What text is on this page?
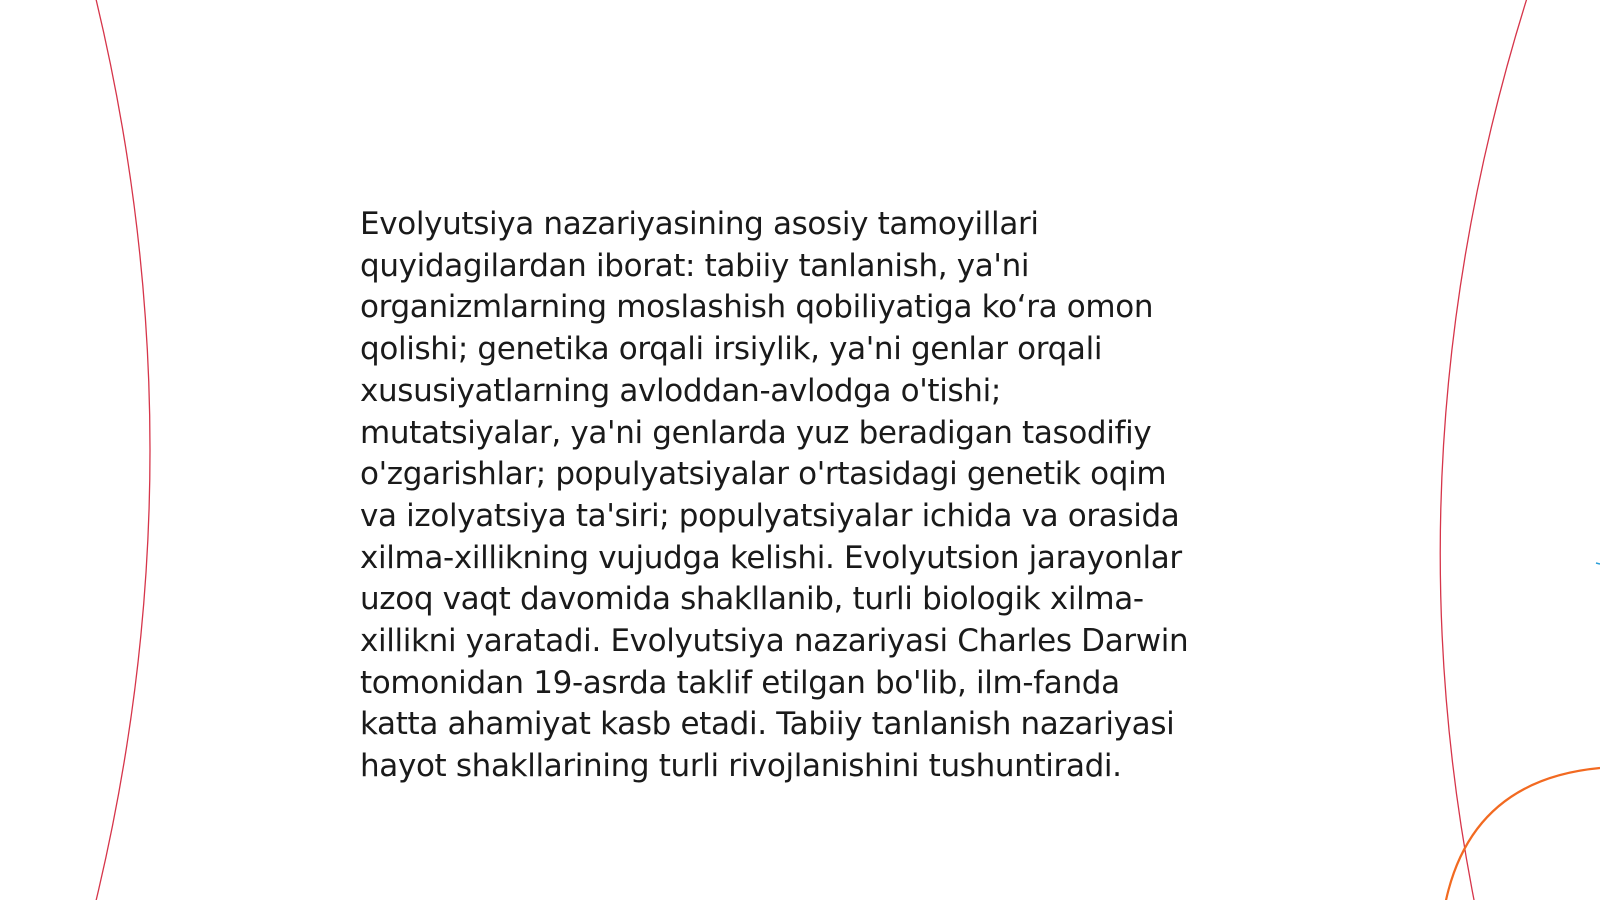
Evolyutsiya nazariyasining asosiy tamoyillari
quyidagilardan iborat: tabiiy tanlanish, ya'ni
organizmlarning moslashish qobiliyatiga ko‘ra omon
qolishi; genetika orqali irsiylik, ya'ni genlar orqali
xususiyatlarning avloddan-avlodga o'tishi;
mutatsiyalar, ya'ni genlarda yuz beradigan tasodifiy
o'zgarishlar; populyatsiyalar o'rtasidagi genetik oqim
va izolyatsiya ta'siri; populyatsiyalar ichida va orasida
xilma-xillikning vujudga kelishi. Evolyutsion jarayonlar
uzoq vaqt davomida shakllanib, turli biologik xilma-
xillikni yaratadi. Evolyutsiya nazariyasi Charles Darwin
tomonidan 19-asrda taklif etilgan bo'lib, ilm-fanda
katta ahamiyat kasb etadi. Tabiiy tanlanish nazariyasi
hayot shakllarining turli rivojlanishini tushuntiradi.
